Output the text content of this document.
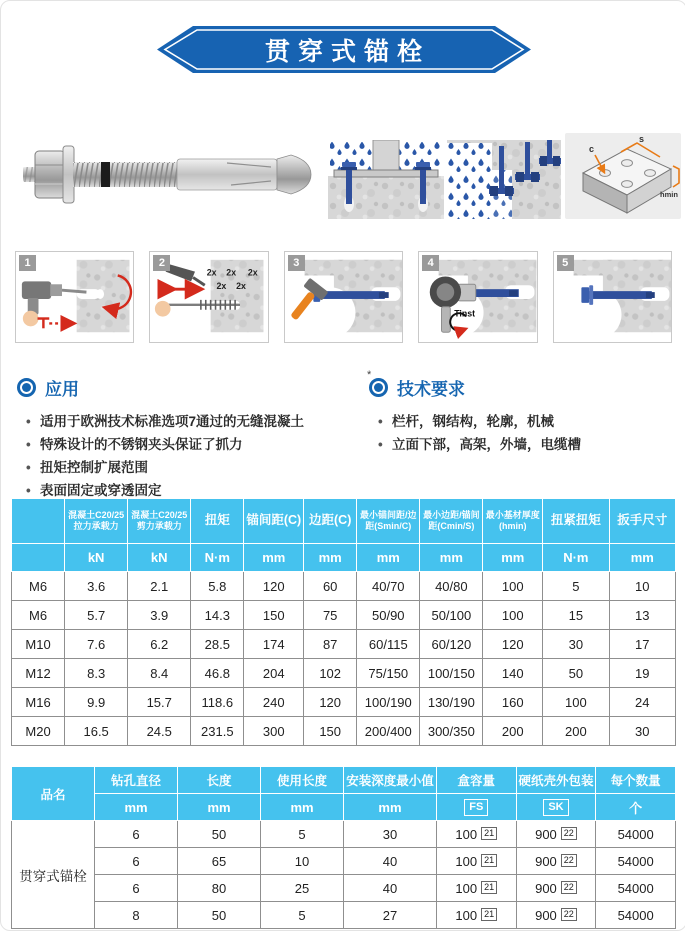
贯穿式锚栓
c
s
hmin
1	2
2x 2x 2x
2x 2x
3	4
Tinst
5
应用
• 适用于欧洲技术标准选项7通过的无缝混凝土
• 特殊设计的不锈钢夹头保证了抓力
• 扭矩控制扩展范围
• 表面固定或穿透固定
*
技术要求
• 栏杆，钢结构，轮廓，机械
• 立面下部，高架，外墙，电缆槽
	混凝土C20/25 拉力承载力	混凝土C20/25 剪力承载力	扭矩	锚间距(C)	边距(C)	最小锚间距/边距(Smin/C)	最小边距/锚间距(Cmin/S)	最小基材厚度 (hmin)	扭紧扭矩	扳手尺寸
	kN	kN	N·m	mm	mm	mm	mm	mm	N·m	mm
M6	3.6	2.1	5.8	120	60	40/70	40/80	100	5	10
M6	5.7	3.9	14.3	150	75	50/90	50/100	100	15	13
M10	7.6	6.2	28.5	174	87	60/115	60/120	120	30	17
M12	8.3	8.4	46.8	204	102	75/150	100/150	140	50	19
M16	9.9	15.7	118.6	240	120	100/190	130/190	160	100	24
M20	16.5	24.5	231.5	300	150	200/400	300/350	200	200	30
品名	钻孔直径	长度	使用长度	安装深度最小值	盒容量	硬纸壳外包装	每个数量
	mm	mm	mm	mm	FS	SK	个
贯穿式锚栓	6	50	5	30	100 21	900 22	54000
	6	65	10	40	100 21	900 22	54000
	6	80	25	40	100 21	900 22	54000
	8	50	5	27	100 21	900 22	54000
